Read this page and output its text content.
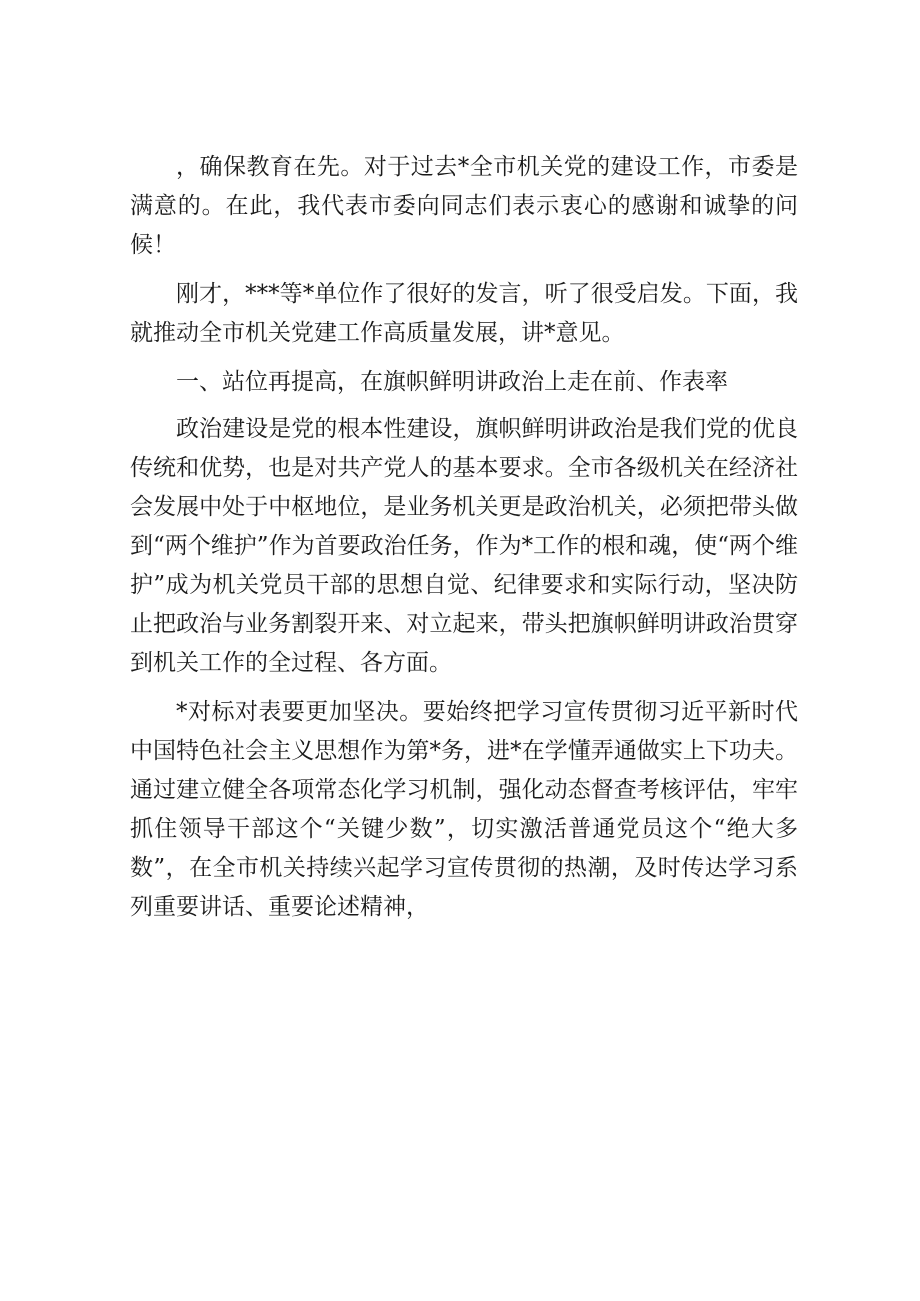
，确保教育在先。对于过去*全市机关党的建设工作，市委是满意的。在此，我代表市委向同志们表示衷心的感谢和诚挚的问候！

刚才，***等*单位作了很好的发言，听了很受启发。下面，我就推动全市机关党建工作高质量发展，讲*意见。

一、站位再提高，在旗帜鲜明讲政治上走在前、作表率

政治建设是党的根本性建设，旗帜鲜明讲政治是我们党的优良传统和优势，也是对共产党人的基本要求。全市各级机关在经济社会发展中处于中枢地位，是业务机关更是政治机关，必须把带头做到“两个维护”作为首要政治任务，作为*工作的根和魂，使“两个维护”成为机关党员干部的思想自觉、纪律要求和实际行动，坚决防止把政治与业务割裂开来、对立起来，带头把旗帜鲜明讲政治贯穿到机关工作的全过程、各方面。

*对标对表要更加坚决。要始终把学习宣传贯彻习近平新时代中国特色社会主义思想作为第*务，进*在学懂弄通做实上下功夫。通过建立健全各项常态化学习机制，强化动态督查考核评估，牢牢抓住领导干部这个“关键少数”，切实激活普通党员这个“绝大多数”，在全市机关持续兴起学习宣传贯彻的热潮，及时传达学习系列重要讲话、重要论述精神，
